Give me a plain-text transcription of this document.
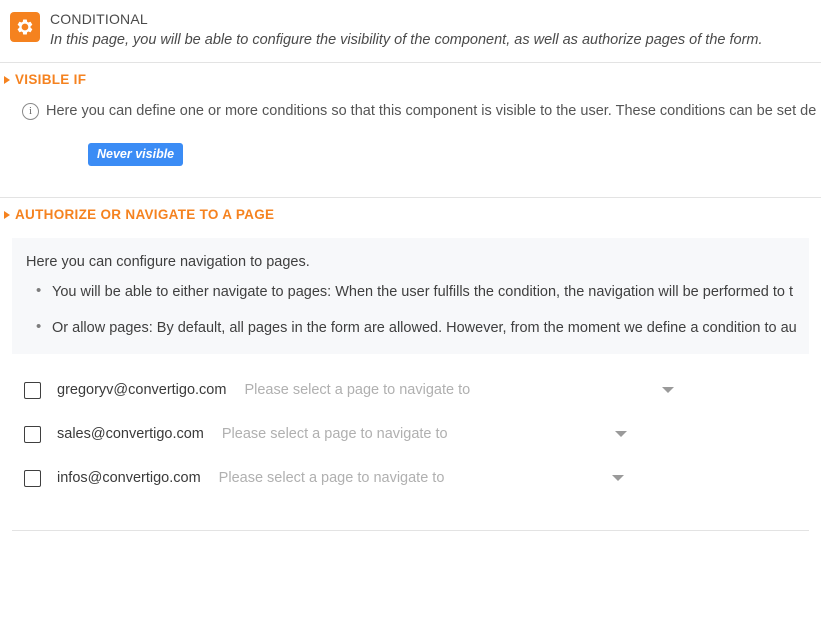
CONDITIONAL
In this page, you will be able to configure the visibility of the component, as well as authorize pages of the form.
VISIBLE IF
i Here you can define one or more conditions so that this component is visible to the user. These conditions can be set de
Never visible
AUTHORIZE OR NAVIGATE TO A PAGE
Here you can configure navigation to pages.
• You will be able to either navigate to pages: When the user fulfills the condition, the navigation will be performed to t
• Or allow pages: By default, all pages in the form are allowed. However, from the moment we define a condition to au
gregoryv@convertigo.com Please select a page to navigate to
sales@convertigo.com Please select a page to navigate to
infos@convertigo.com Please select a page to navigate to
